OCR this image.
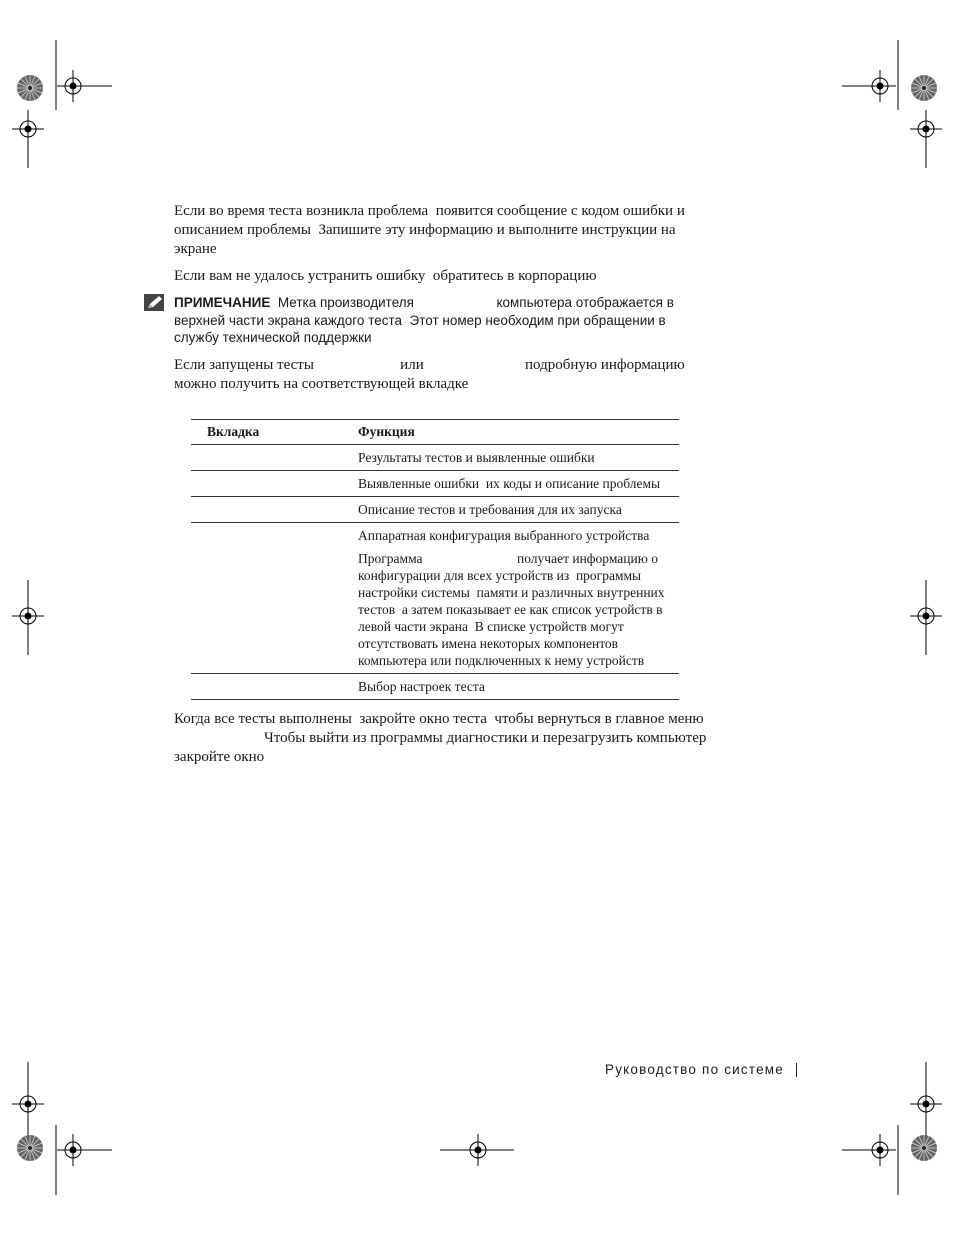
Если во время теста возникла проблема  появится сообщение с кодом ошибки и
описанием проблемы  Запишите эту информацию и выполните инструкции на
экране
Если вам не удалось устранить ошибку  обратитесь в корпорацию
ПРИМЕЧАНИЕ  Метка производителя                      компьютера отображается в
верхней части экрана каждого теста  Этот номер необходим при обращении в
службу технической поддержки
Если запущены тесты                       или                           подробную информацию
можно получить на соответствующей вкладке
Вкладка	Функция
Результаты тестов и выявленные ошибки
Выявленные ошибки  их коды и описание проблемы
Описание тестов и требования для их запуска
Аппаратная конфигурация выбранного устройства
Программа                            получает информацию о
конфигурации для всех устройств из  программы
настройки системы  памяти и различных внутренних
тестов  а затем показывает ее как список устройств в
левой части экрана  В списке устройств могут
отсутствовать имена некоторых компонентов
компьютера или подключенных к нему устройств
Выбор настроек теста
Когда все тесты выполнены  закройте окно теста  чтобы вернуться в главное меню
Чтобы выйти из программы диагностики и перезагрузить компьютер
закройте окно
Руководство по системе
